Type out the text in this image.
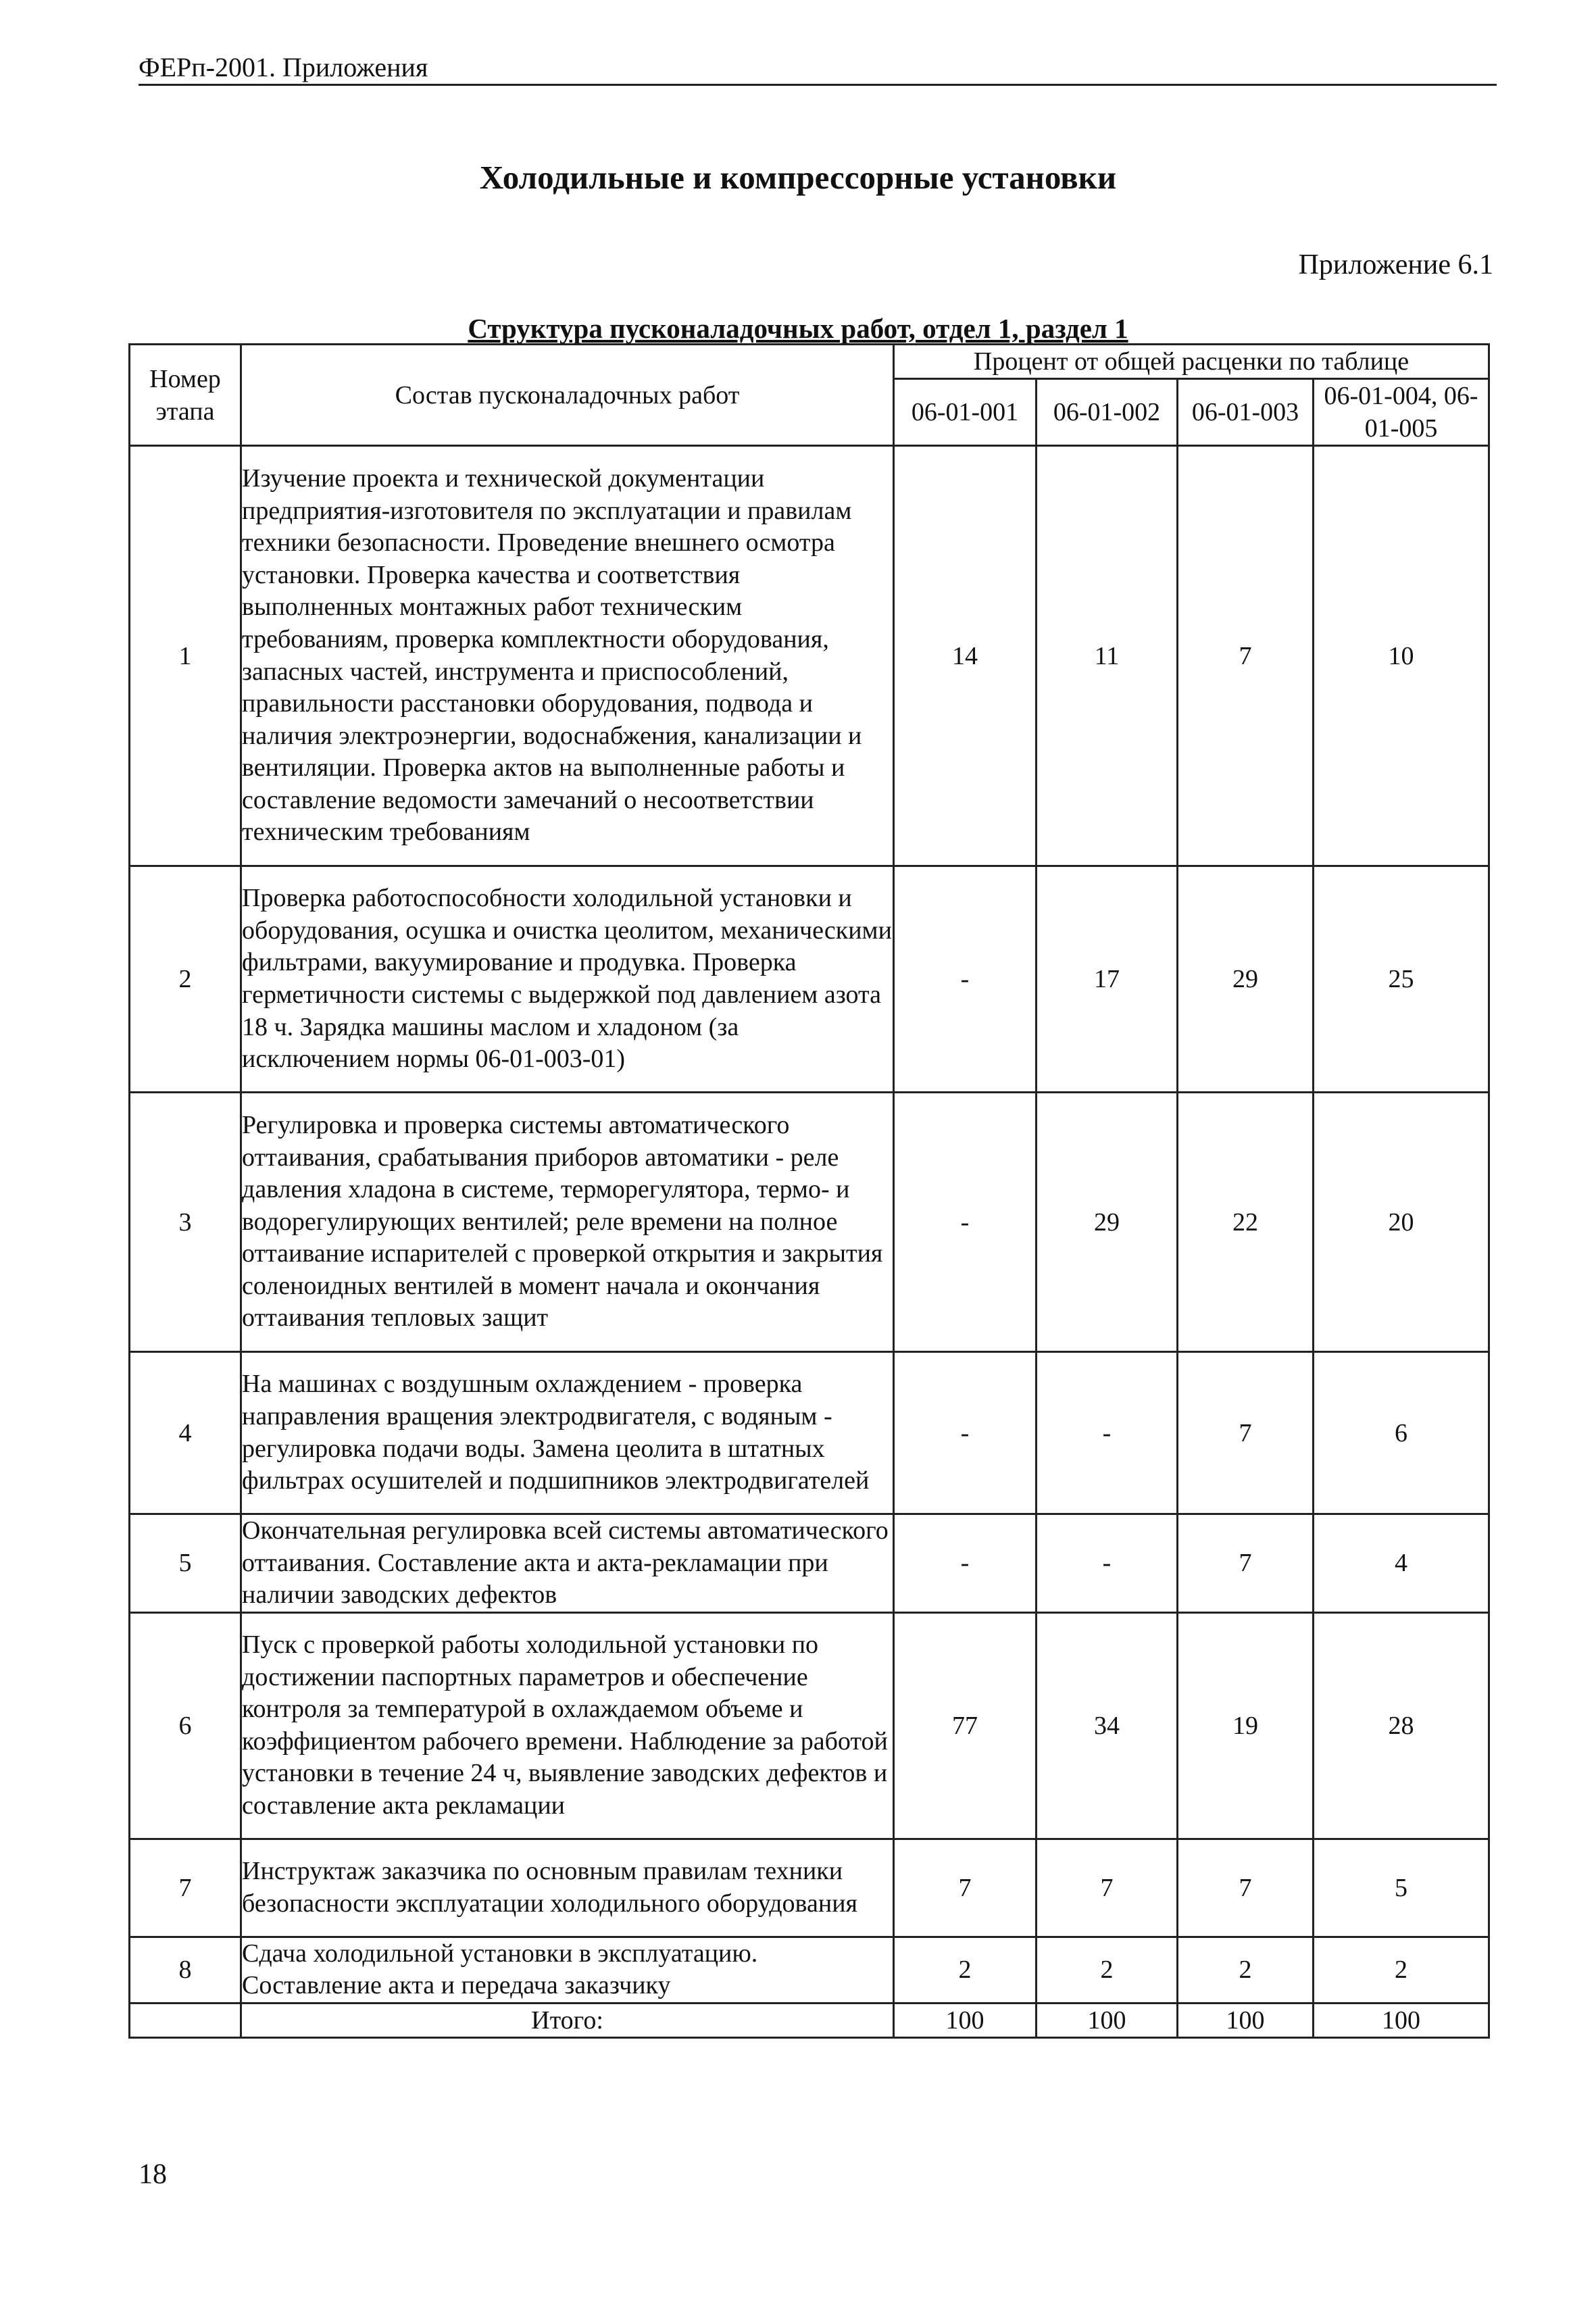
ФЕРп-2001. Приложения
Холодильные и компрессорные установки
Приложение 6.1
Структура пусконаладочных работ, отдел 1, раздел 1
Номер этапа	Состав пусконаладочных работ	Процент от общей расценки по таблице			
		06-01-001	06-01-002	06-01-003	06-01-004, 06-01-005
1	Изучение проекта и технической документации предприятия-изготовителя по эксплуатации и правилам техники безопасности. Проведение внешнего осмотра установки. Проверка качества и соответствия выполненных монтажных работ техническим требованиям, проверка комплектности оборудования, запасных частей, инструмента и приспособлений, правильности расстановки оборудования, подвода и наличия электроэнергии, водоснабжения, канализации и вентиляции. Проверка актов на выполненные работы и составление ведомости замечаний о несоответствии техническим требованиям	14	11	7	10
2	Проверка работоспособности холодильной установки и оборудования, осушка и очистка цеолитом, механическими фильтрами, вакуумирование и продувка. Проверка герметичности системы с выдержкой под давлением азота 18 ч. Зарядка машины маслом и хладоном (за исключением нормы 06-01-003-01)	-	17	29	25
3	Регулировка и проверка системы автоматического оттаивания, срабатывания приборов автоматики - реле давления хладона в системе, терморегулятора, термо- и водорегулирующих вентилей; реле времени на полное оттаивание испарителей с проверкой открытия и закрытия соленоидных вентилей в момент начала и окончания оттаивания тепловых защит	-	29	22	20
4	На машинах с воздушным охлаждением - проверка направления вращения электродвигателя, с водяным - регулировка подачи воды. Замена цеолита в штатных фильтрах осушителей и подшипников электродвигателей	-	-	7	6
5	Окончательная регулировка всей системы автоматического оттаивания. Составление акта и акта-рекламации при наличии заводских дефектов	-	-	7	4
6	Пуск с проверкой работы холодильной установки по достижении паспортных параметров и обеспечение контроля за температурой в охлаждаемом объеме и коэффициентом рабочего времени. Наблюдение за работой установки в течение 24 ч, выявление заводских дефектов и составление акта рекламации	77	34	19	28
7	Инструктаж заказчика по основным правилам техники безопасности эксплуатации холодильного оборудования	7	7	7	5
8	Сдача холодильной установки в эксплуатацию. Составление акта и передача заказчику	2	2	2	2
	Итого:	100	100	100	100
18
